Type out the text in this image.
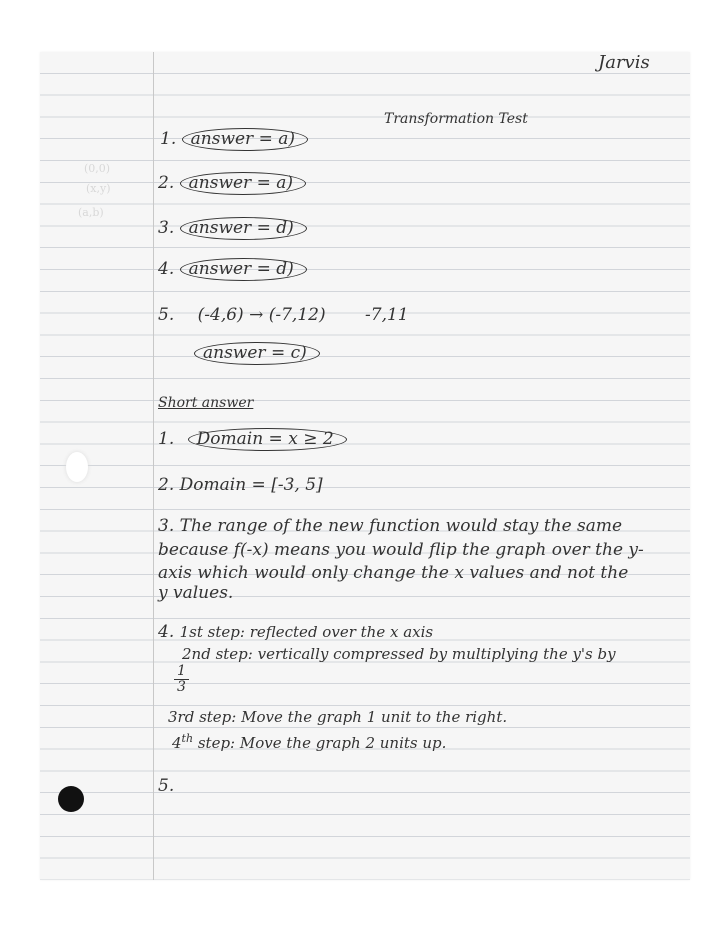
(0,0)
(x,y)
(a,b)
Jarvis
Transformation Test
1. answer = a)
2. answer = a)
3. answer = d)
4. answer = d)
5. (-4,6) → (-7,12) -7,11
answer = c)
Short answer
1. Domain = x ≥ 2
2. Domain = [-3, 5]
3. The range of the new function would stay the same
because f(-x) means you would flip the graph over the y-
axis which would only change the x values and not the
y values.
4. 1st step: reflected over the x axis
2nd step: vertically compressed by multiplying the y's by
$\frac{1}{3}$
3rd step: Move the graph 1 unit to the right.
4th step: Move the graph 2 units up.
5.
